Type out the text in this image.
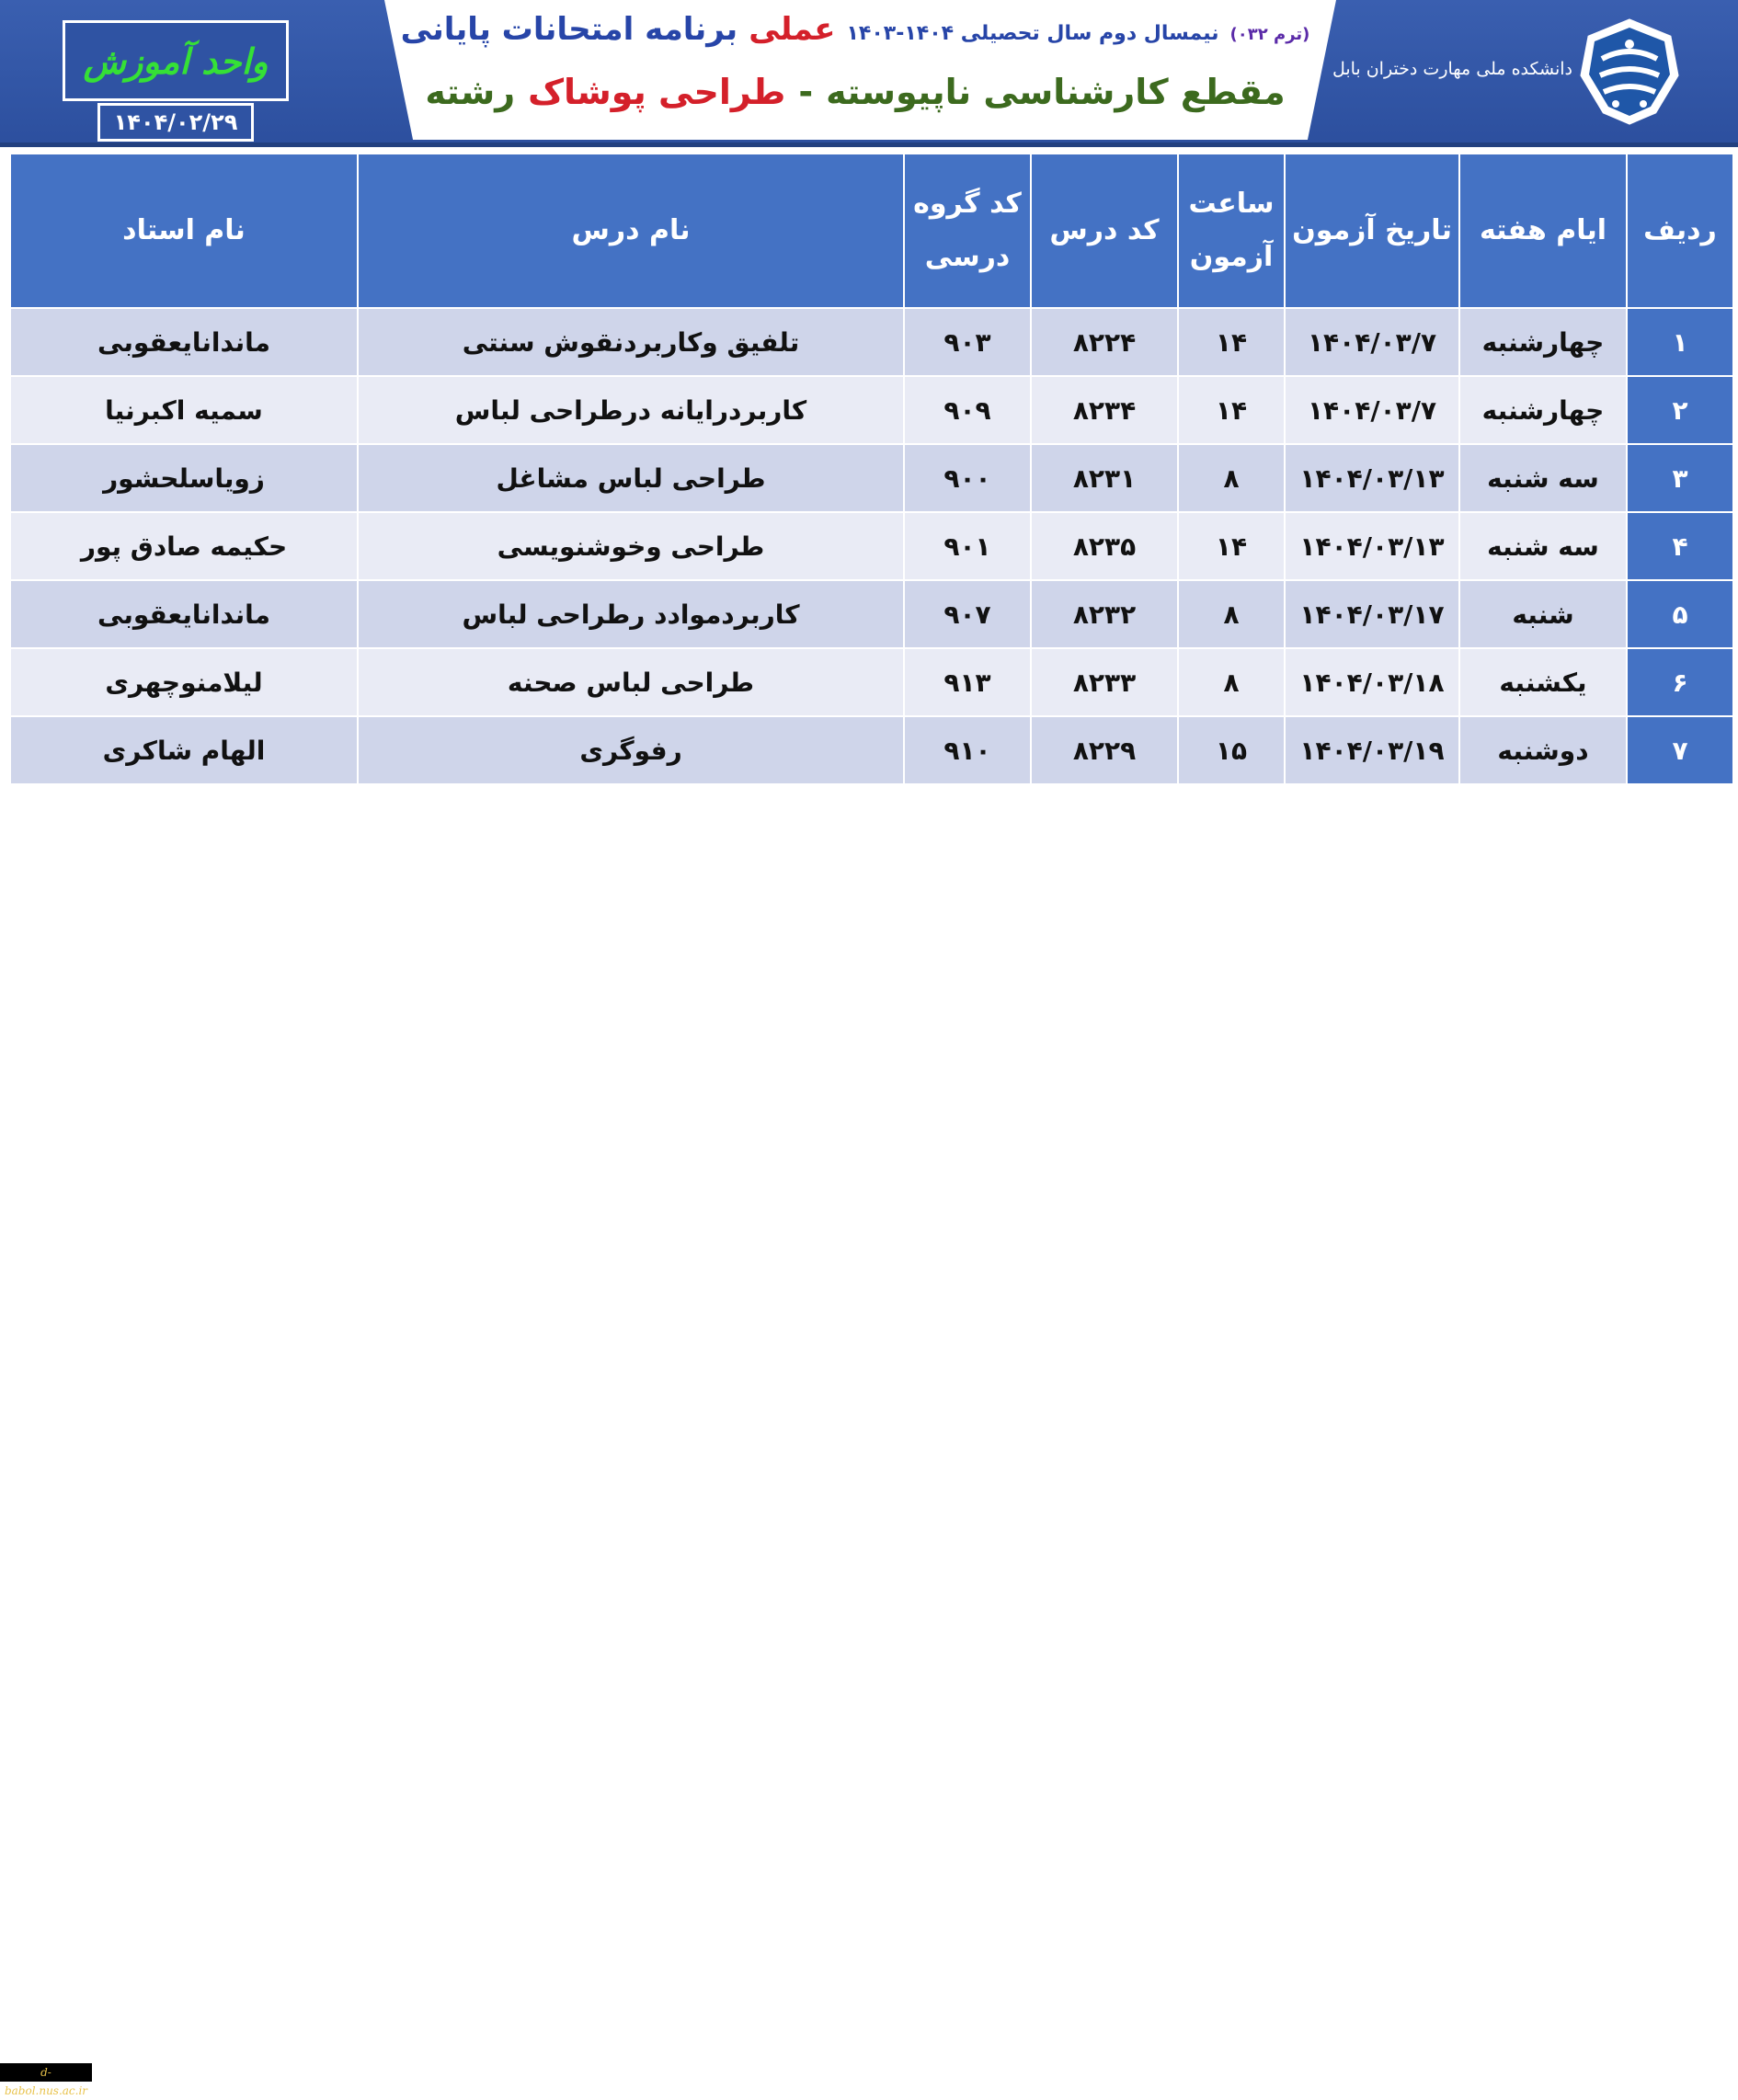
برنامه امتحانات پایانی عملی نیمسال دوم سال تحصیلی ۱۴۰۴-۱۴۰۳ (ترم ۰۳۲)
رشته طراحی پوشاک - مقطع کارشناسی ناپیوسته
دانشکده ملی مهارت دختران بابل
واحد آموزش
۱۴۰۴/۰۲/۲۹
ردیف	ایام هفته	تاریخ آزمون	ساعت آزمون	کد درس	کد گروه درسی	نام درس	نام استاد
۱	چهارشنبه	۱۴۰۴/۰۳/۷	۱۴	۸۲۲۴	۹۰۳	تلفیق وکاربردنقوش سنتی	ماندانایعقوبی
۲	چهارشنبه	۱۴۰۴/۰۳/۷	۱۴	۸۲۳۴	۹۰۹	کاربردرایانه درطراحی لباس	سمیه اکبرنیا
۳	سه شنبه	۱۴۰۴/۰۳/۱۳	۸	۸۲۳۱	۹۰۰	طراحی لباس مشاغل	زویاسلحشور
۴	سه شنبه	۱۴۰۴/۰۳/۱۳	۱۴	۸۲۳۵	۹۰۱	طراحی وخوشنویسی	حکیمه صادق پور
۵	شنبه	۱۴۰۴/۰۳/۱۷	۸	۸۲۳۲	۹۰۷	کاربردموادد رطراحی لباس	ماندانایعقوبی
۶	یکشنبه	۱۴۰۴/۰۳/۱۸	۸	۸۲۳۳	۹۱۳	طراحی لباس صحنه	لیلامنوچهری
۷	دوشنبه	۱۴۰۴/۰۳/۱۹	۱۵	۸۲۲۹	۹۱۰	رفوگری	الهام شاکری
d-babol.nus.ac.ir
